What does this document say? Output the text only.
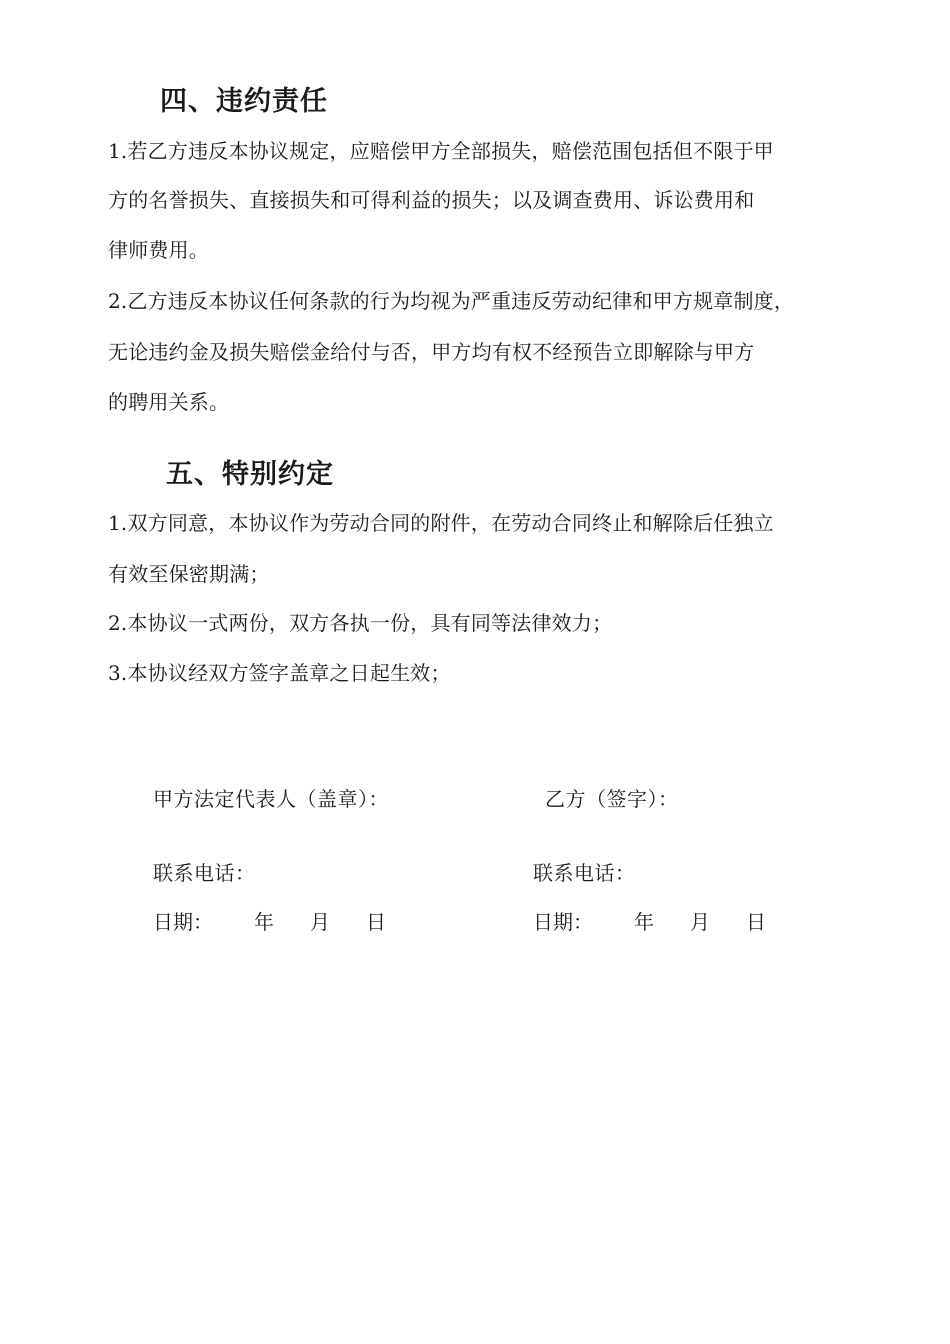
四、违约责任
1.若乙方违反本协议规定，应赔偿甲方全部损失，赔偿范围包括但不限于甲
方的名誉损失、直接损失和可得利益的损失；以及调查费用、诉讼费用和
律师费用。
2.乙方违反本协议任何条款的行为均视为严重违反劳动纪律和甲方规章制度，
无论违约金及损失赔偿金给付与否，甲方均有权不经预告立即解除与甲方
的聘用关系。
五、特别约定
1.双方同意，本协议作为劳动合同的附件，在劳动合同终止和解除后任独立
有效至保密期满；
2.本协议一式两份，双方各执一份，具有同等法律效力；
3.本协议经双方签字盖章之日起生效；
甲方法定代表人（盖章）：
联系电话：
日期： 年 月 日
乙方（签字）：
联系电话：
日期： 年 月 日
